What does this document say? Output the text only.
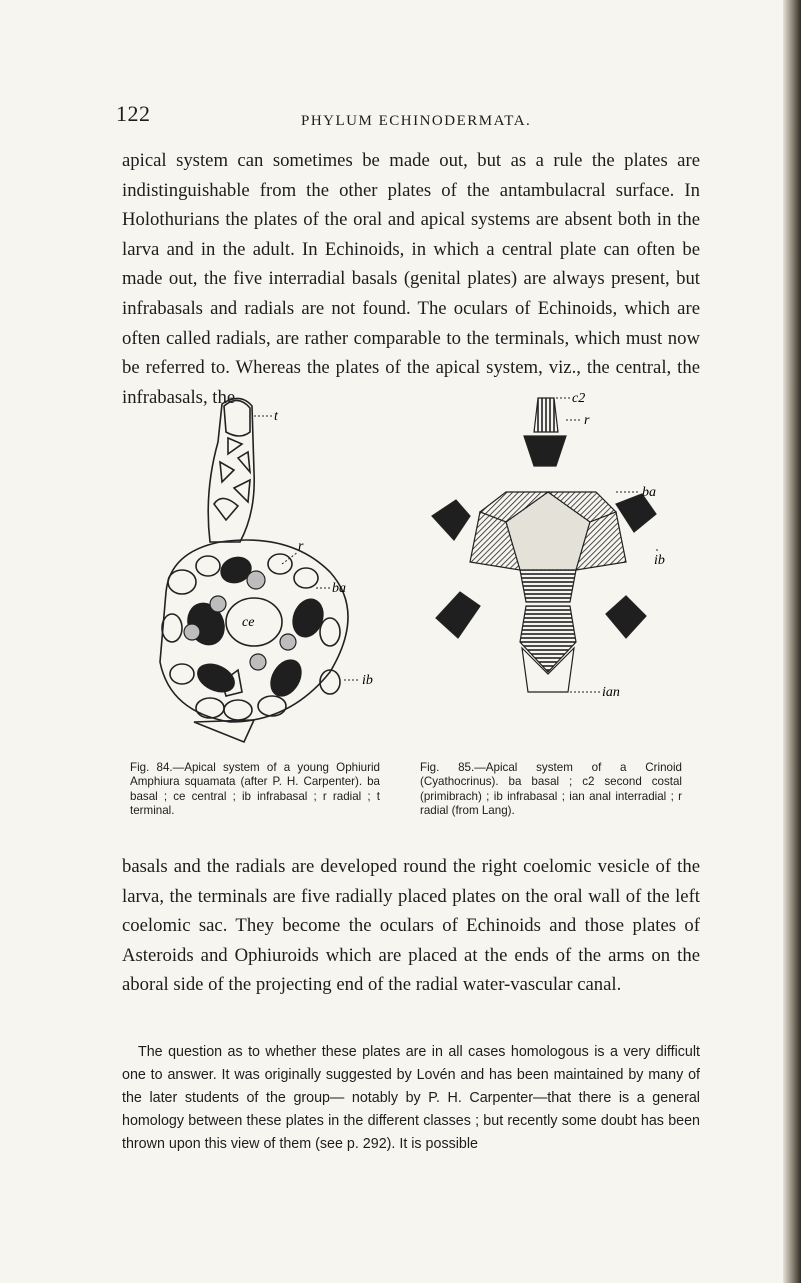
122	PHYLUM ECHINODERMATA.

apical system can sometimes be made out, but as a rule the plates are indistinguishable from the other plates of the antambulacral surface. In Holothurians the plates of the oral and apical systems are absent both in the larva and in the adult. In Echinoids, in which a central plate can often be made out, the five interradial basals (genital plates) are always present, but infrabasals and radials are not found. The oculars of Echinoids, which are often called radials, are rather comparable to the terminals, which must now be referred to. Whereas the plates of the apical system, viz., the central, the infrabasals, the

t
r
ba
ce
ib
c2
r
ba
ib
ian

Fig. 84.—Apical system of a young Ophiurid Amphiura squamata (after P. H. Carpenter). ba basal ; ce central ; ib infrabasal ; r radial ; t terminal.

Fig. 85.—Apical system of a Crinoid (Cyathocrinus). ba basal ; c2 second costal (primibrach) ; ib infrabasal ; ian anal interradial ; r radial (from Lang).

basals and the radials are developed round the right coelomic vesicle of the larva, the terminals are five radially placed plates on the oral wall of the left coelomic sac. They become the oculars of Echinoids and those plates of Asteroids and Ophiuroids which are placed at the ends of the arms on the aboral side of the projecting end of the radial water-vascular canal.

The question as to whether these plates are in all cases homologous is a very difficult one to answer. It was originally suggested by Lovén and has been maintained by many of the later students of the group— notably by P. H. Carpenter—that there is a general homology between these plates in the different classes ; but recently some doubt has been thrown upon this view of them (see p. 292). It is possible
